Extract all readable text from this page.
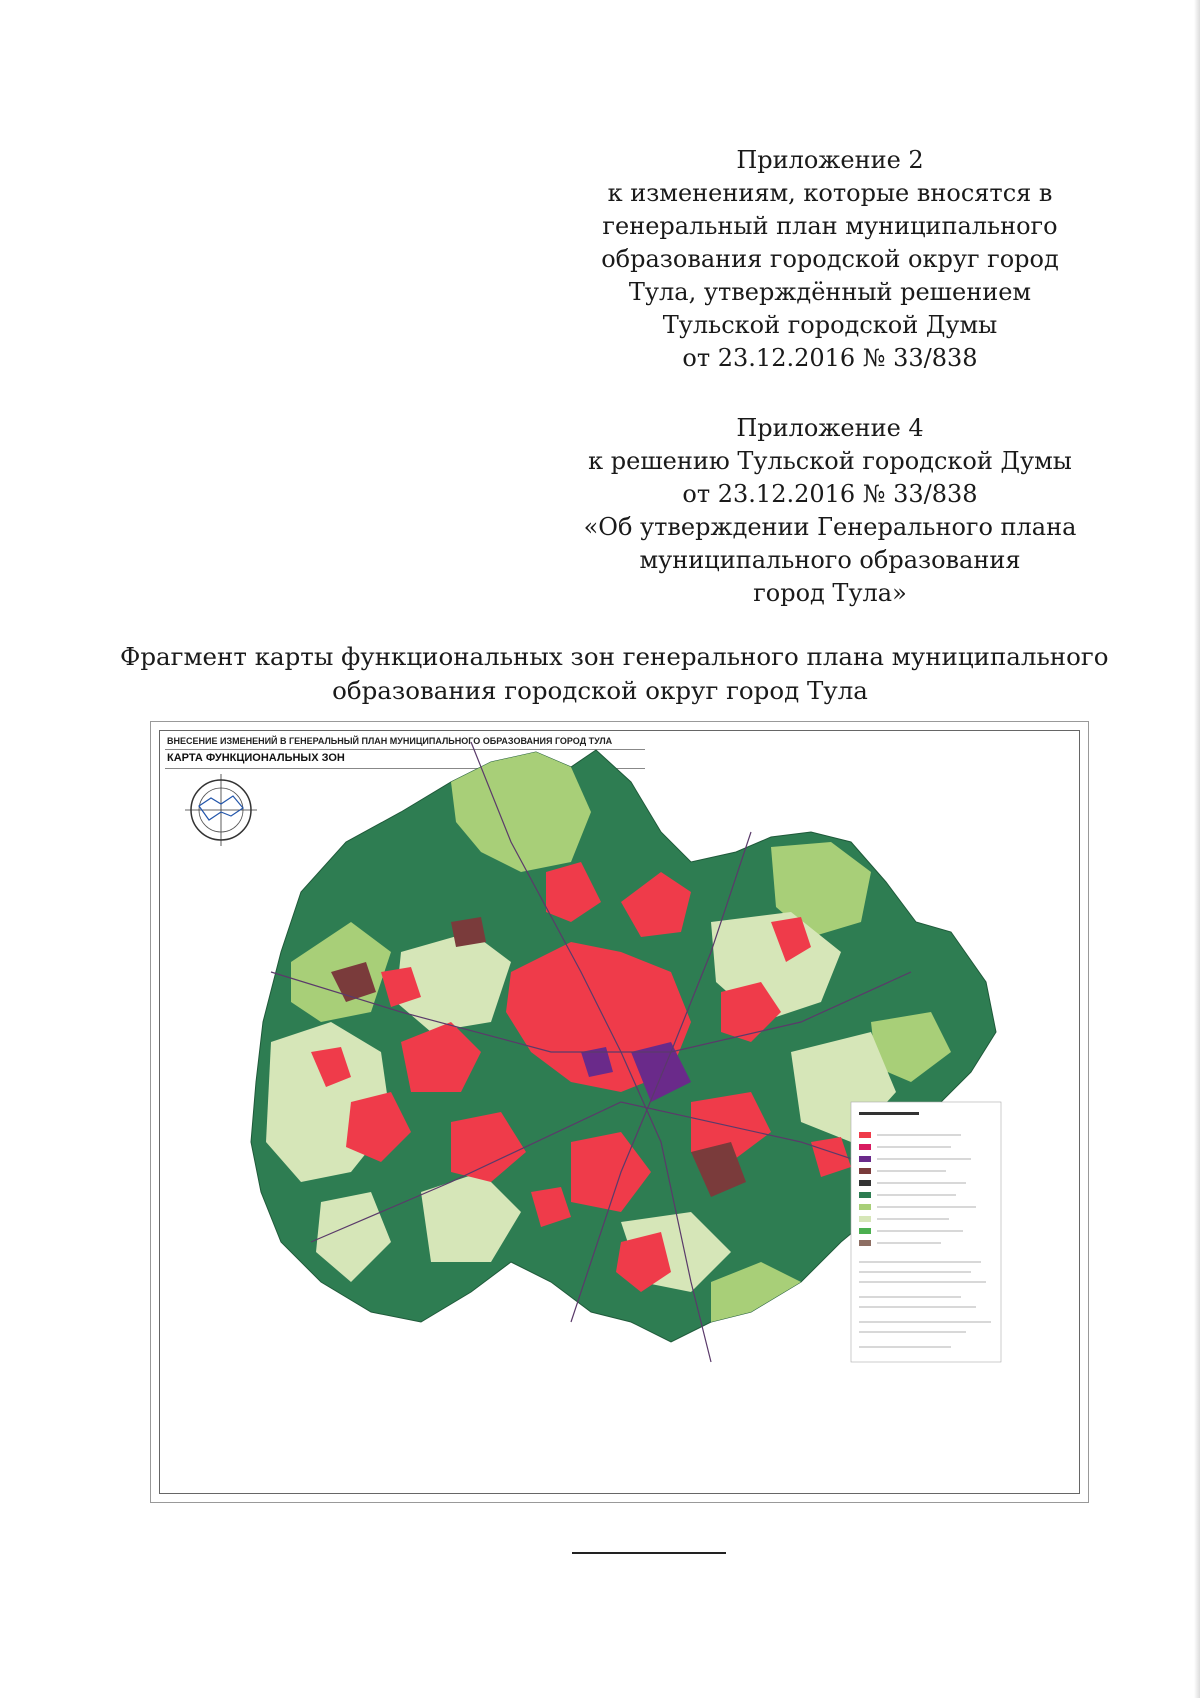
Приложение 2
к изменениям, которые вносятся в
генеральный план муниципального
образования городской округ город
Тула, утверждённый решением
Тульской городской Думы
от 23.12.2016 № 33/838
Приложение 4
к решению Тульской городской Думы
от 23.12.2016 № 33/838
«Об утверждении Генерального плана
муниципального образования
город Тула»
Фрагмент карты функциональных зон генерального плана муниципального
образования городской округ город Тула
ВНЕСЕНИЕ ИЗМЕНЕНИЙ В ГЕНЕРАЛЬНЫЙ ПЛАН МУНИЦИПАЛЬНОГО ОБРАЗОВАНИЯ ГОРОД ТУЛА
КАРТА ФУНКЦИОНАЛЬНЫХ ЗОН
